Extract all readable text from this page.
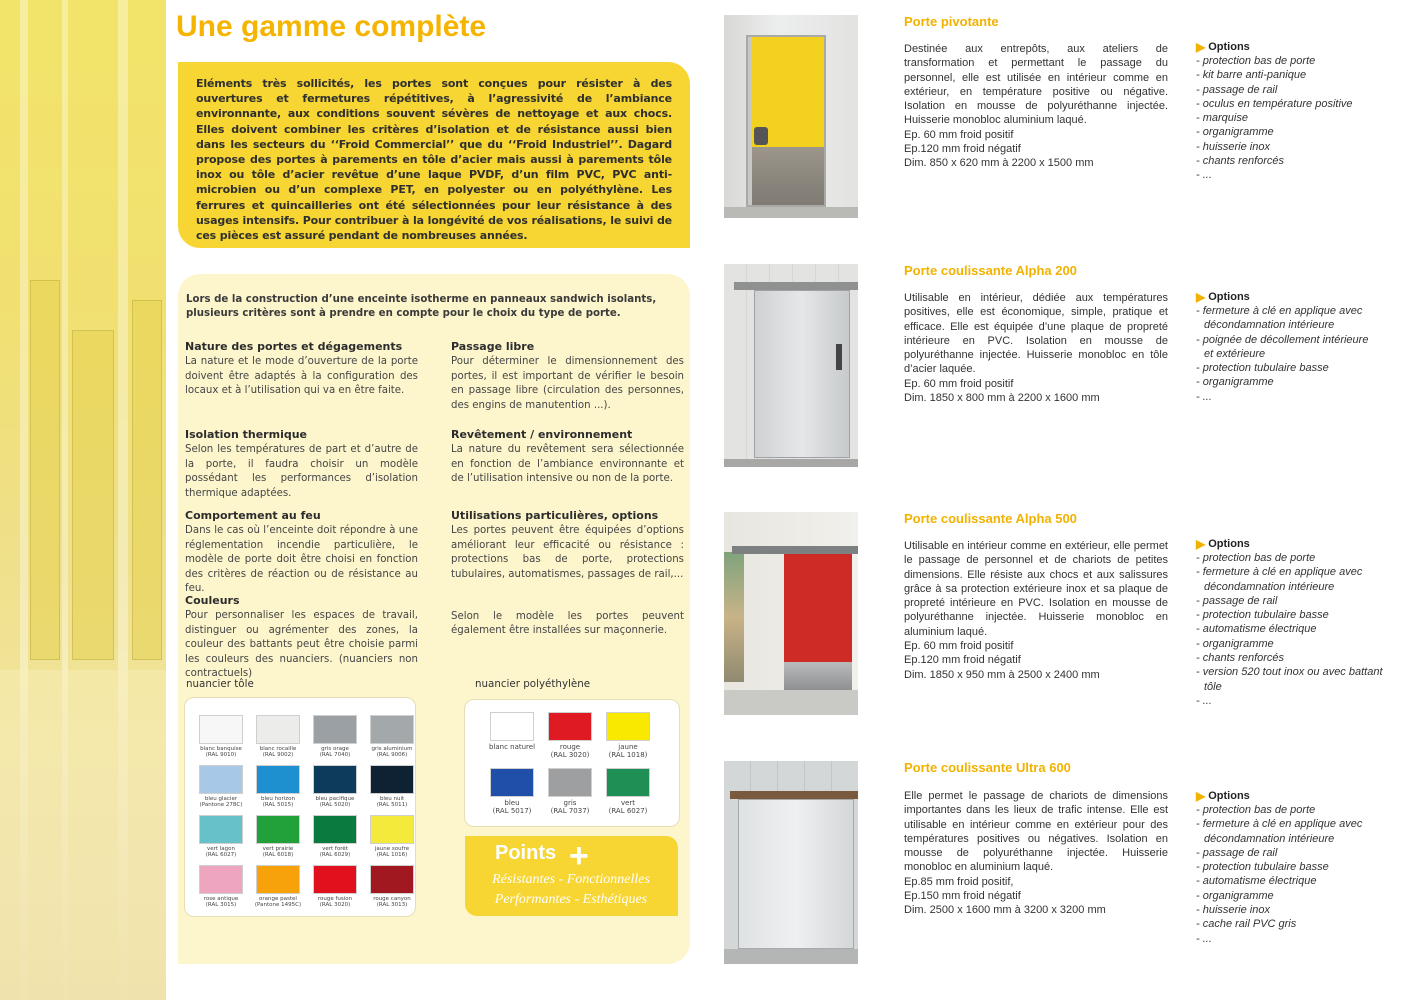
Une gamme complète

Eléments très sollicités, les portes sont conçues pour résister à des ouvertures et fermetures répétitives, à l’agressivité de l’ambiance environnante, aux conditions souvent sévères de nettoyage et aux chocs. Elles doivent combiner les critères d’isolation et de résistance aussi bien dans les secteurs du ‘‘Froid Commercial’’ que du ‘‘Froid Industriel’’. Dagard propose des portes à parements en tôle d’acier mais aussi à parements tôle inox ou tôle d’acier revêtue d’une laque PVDF, d’un film PVC, PVC anti-microbien ou d’un complexe PET, en polyester ou en polyéthylène. Les ferrures et quincailleries ont été sélectionnées pour leur résistance à des usages intensifs. Pour contribuer à la longévité de vos réalisations, le suivi de ces pièces est assuré pendant de nombreuses années.

Lors de la construction d’une enceinte isotherme en panneaux sandwich isolants, plusieurs critères sont à prendre en compte pour le choix du type de porte.
Nature des portes et dégagements
La nature et le mode d’ouverture de la porte doivent être adaptés à la configuration des locaux et à l’utilisation qui va en être faite.
Passage libre
Pour déterminer le dimensionnement des portes, il est important de vérifier le besoin en passage libre (circulation des personnes, des engins de manutention ...).
Isolation thermique
Selon les températures de part et d’autre de la porte, il faudra choisir un modèle possédant les performances d’isolation thermique adaptées.
Revêtement / environnement
La nature du revêtement sera sélectionnée en fonction de l’ambiance environnante et de l’utilisation intensive ou non de la porte.
Comportement au feu
Dans le cas où l’enceinte doit répondre à une réglementation incendie particulière, le modèle de porte doit être choisi en fonction des critères de réaction ou de résistance au feu.
Utilisations particulières, options
Les portes peuvent être équipées d’options améliorant leur efficacité ou résistance : protections bas de porte, protections tubulaires, automatismes, passages de rail,...
Couleurs
Pour personnaliser les espaces de travail, distinguer ou agrémenter des zones, la couleur des battants peut être choisie parmi les couleurs des nuanciers. (nuanciers non contractuels)
Selon le modèle les portes peuvent également être installées sur maçonnerie.
nuancier tôle	nuancier polyéthylène
blanc banquise
(RAL 9010)
blanc rocaille
(RAL 9002)
gris orage
(RAL 7040)
gris aluminium
(RAL 9006)
bleu glacier
(Pantone 278C)
bleu horizon
(RAL 5015)
bleu pacifique
(RAL 5020)
bleu nuit
(RAL 5011)
vert lagon
(RAL 6027)
vert prairie
(RAL 6018)
vert forêt
(RAL 6029)
jaune soufre
(RAL 1016)
rose antique
(RAL 3015)
orange pastel
(Pantone 1495C)
rouge fusion
(RAL 3020)
rouge canyon
(RAL 3013)
blanc naturel	rouge
(RAL 3020)
jaune
(RAL 1018)
bleu
(RAL 5017)
gris
(RAL 7037)
vert
(RAL 6027)
Points +
Résistantes - Fonctionnelles
Performantes - Esthétiques
Porte pivotante
Destinée aux entrepôts, aux ateliers de transformation et permettant le passage du personnel, elle est utilisée en intérieur comme en extérieur, en température positive ou négative. Isolation en mousse de polyuréthanne injectée. Huisserie monobloc aluminium laqué.
Ep. 60 mm froid positif
Ep.120 mm froid négatif
Dim. 850 x 620 mm à 2200 x 1500 mm
▶ Options
- protection bas de porte
- kit barre anti-panique
- passage de rail
- oculus en température positive
- marquise
- organigramme
- huisserie inox
- chants renforcés
- ...
Porte coulissante Alpha 200
Utilisable en intérieur, dédiée aux températures positives, elle est économique, simple, pratique et efficace. Elle est équipée d’une plaque de propreté intérieure en PVC. Isolation en mousse de polyuréthanne injectée. Huisserie monobloc en tôle d’acier laquée.
Ep. 60 mm froid positif
Dim. 1850 x 800 mm à 2200 x 1600 mm
▶ Options
- fermeture à clé en applique avec
décondamnation intérieure
- poignée de décollement intérieure
et extérieure
- protection tubulaire basse
- organigramme
- ...
Porte coulissante Alpha 500
Utilisable en intérieur comme en extérieur, elle permet le passage de personnel et de chariots de petites dimensions. Elle résiste aux chocs et aux salissures grâce à sa protection extérieure inox et sa plaque de propreté intérieure en PVC. Isolation en mousse de polyuréthanne injectée. Huisserie monobloc en aluminium laqué.
Ep. 60 mm froid positif
Ep.120 mm froid négatif
Dim. 1850 x 950 mm à 2500 x 2400 mm
▶ Options
- protection bas de porte
- fermeture à clé en applique avec
décondamnation intérieure
- passage de rail
- protection tubulaire basse
- automatisme électrique
- organigramme
- chants renforcés
- version 520 tout inox ou avec battant
tôle
- ...
Porte coulissante Ultra 600
Elle permet le passage de chariots de dimensions importantes dans les lieux de trafic intense. Elle est utilisable en intérieur comme en extérieur pour des températures positives ou négatives. Isolation en mousse de polyuréthanne injectée. Huisserie monobloc en aluminium laqué.
Ep.85 mm froid positif,
Ep.150 mm froid négatif
Dim. 2500 x 1600 mm à 3200 x 3200 mm
▶ Options
- protection bas de porte
- fermeture à clé en applique avec
décondamnation intérieure
- passage de rail
- protection tubulaire basse
- automatisme électrique
- organigramme
- huisserie inox
- cache rail PVC gris
- ...
